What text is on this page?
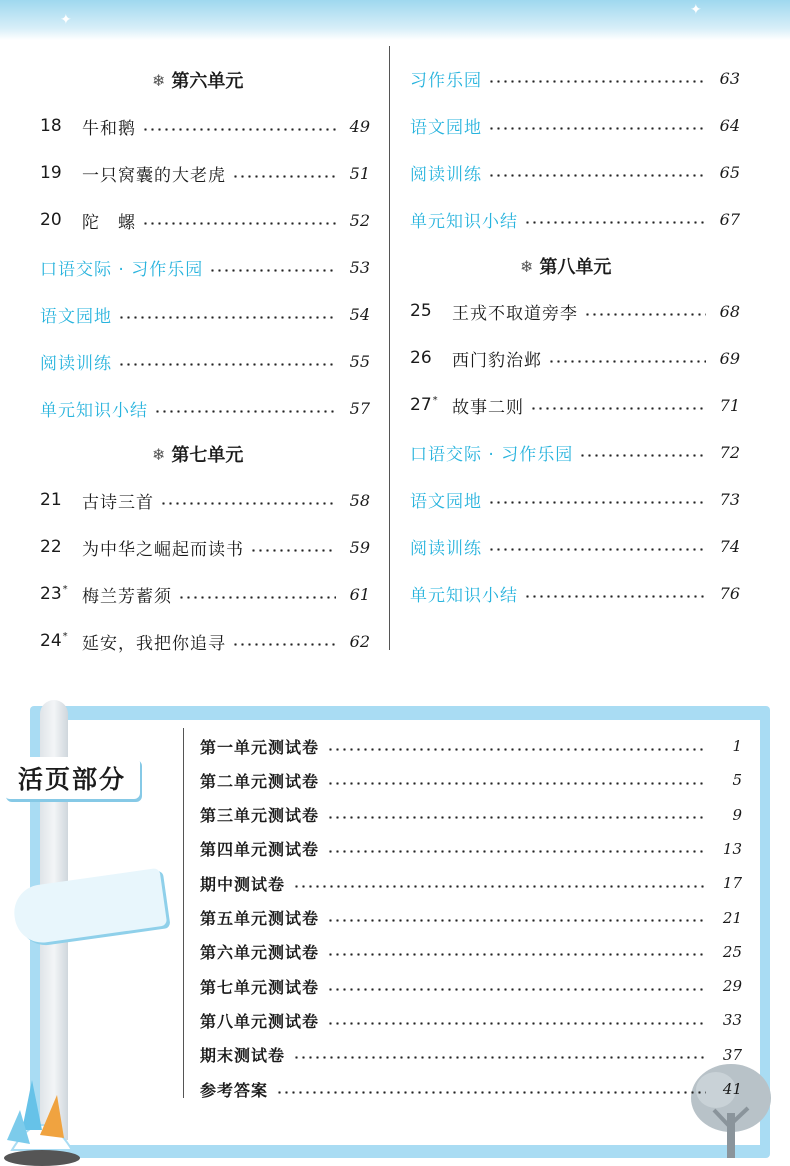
✦
✦
❄ 第六单元
18	牛和鹅	49
19	一只窝囊的大老虎	51
20	陀　螺	52
口语交际 · 习作乐园	53
语文园地	54
阅读训练	55
单元知识小结	57
❄ 第七单元
21	古诗三首	58
22	为中华之崛起而读书	59
23* 梅兰芳蓄须	61
24* 延安，我把你追寻	62
习作乐园	63
语文园地	64
阅读训练	65
单元知识小结	67
❄ 第八单元
25	王戎不取道旁李	68
26	西门豹治邺	69
27* 故事二则	71
口语交际 · 习作乐园	72
语文园地	73
阅读训练	74
单元知识小结	76
活页部分
第一单元测试卷	1
第二单元测试卷	5
第三单元测试卷	9
第四单元测试卷	13
期中测试卷	17
第五单元测试卷	21
第六单元测试卷	25
第七单元测试卷	29
第八单元测试卷	33
期末测试卷	37
参考答案	41
